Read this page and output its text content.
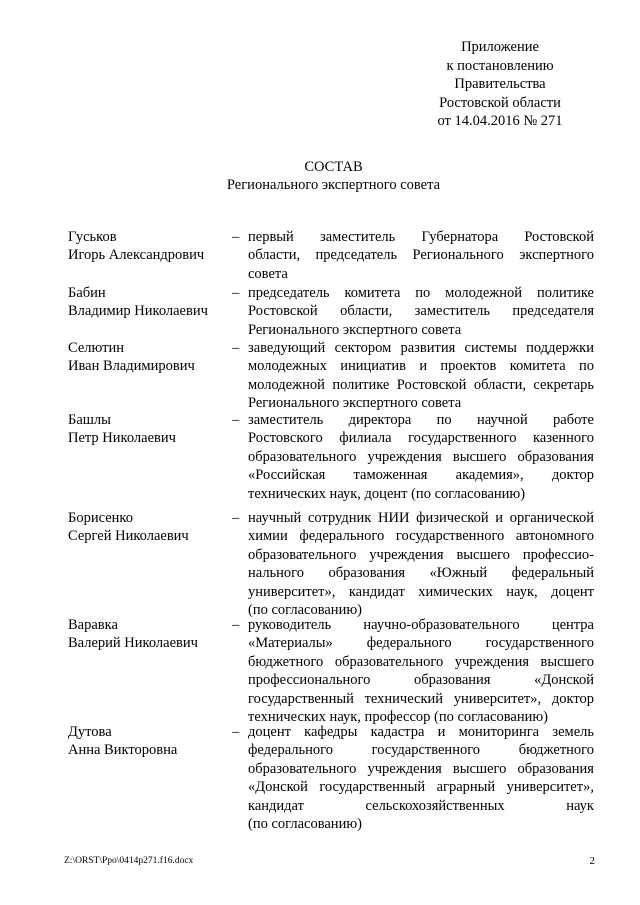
Приложение
к постановлению
Правительства
Ростовской области
от 14.04.2016 № 271
СОСТАВ
Регионального экспертного совета
Гуськов
Игорь Александрович
– первый заместитель Губернатора Ростовской
области, председатель Регионального экспертного
совета
Бабин
Владимир Николаевич
– председатель комитета по молодежной политике
Ростовской области, заместитель председателя
Регионального экспертного совета
Селютин
Иван Владимирович
– заведующий сектором развития системы поддержки
молодежных инициатив и проектов комитета по
молодежной политике Ростовской области, секретарь
Регионального экспертного совета
Башлы
Петр Николаевич
– заместитель директора по научной работе
Ростовского филиала государственного казенного
образовательного учреждения высшего образования
«Российская таможенная академия», доктор
технических наук, доцент (по согласованию)
Борисенко
Сергей Николаевич
– научный сотрудник НИИ физической и органической
химии федерального государственного автономного
образовательного учреждения высшего профессио-
нального образования «Южный федеральный
университет», кандидат химических наук, доцент
(по согласованию)
Варавка
Валерий Николаевич
– руководитель научно-образовательного центра
«Материалы» федерального государственного
бюджетного образовательного учреждения высшего
профессионального	образования	«Донской
государственный технический университет», доктор
технических наук, профессор (по согласованию)
Дутова
Анна Викторовна
– доцент кафедры кадастра и мониторинга земель
федерального	государственного	бюджетного
образовательного учреждения высшего образования
«Донской государственный аграрный университет»,
кандидат	сельскохозяйственных	наук
(по согласованию)
Z:\ORST\Ppo\0414p271.f16.docx	2
